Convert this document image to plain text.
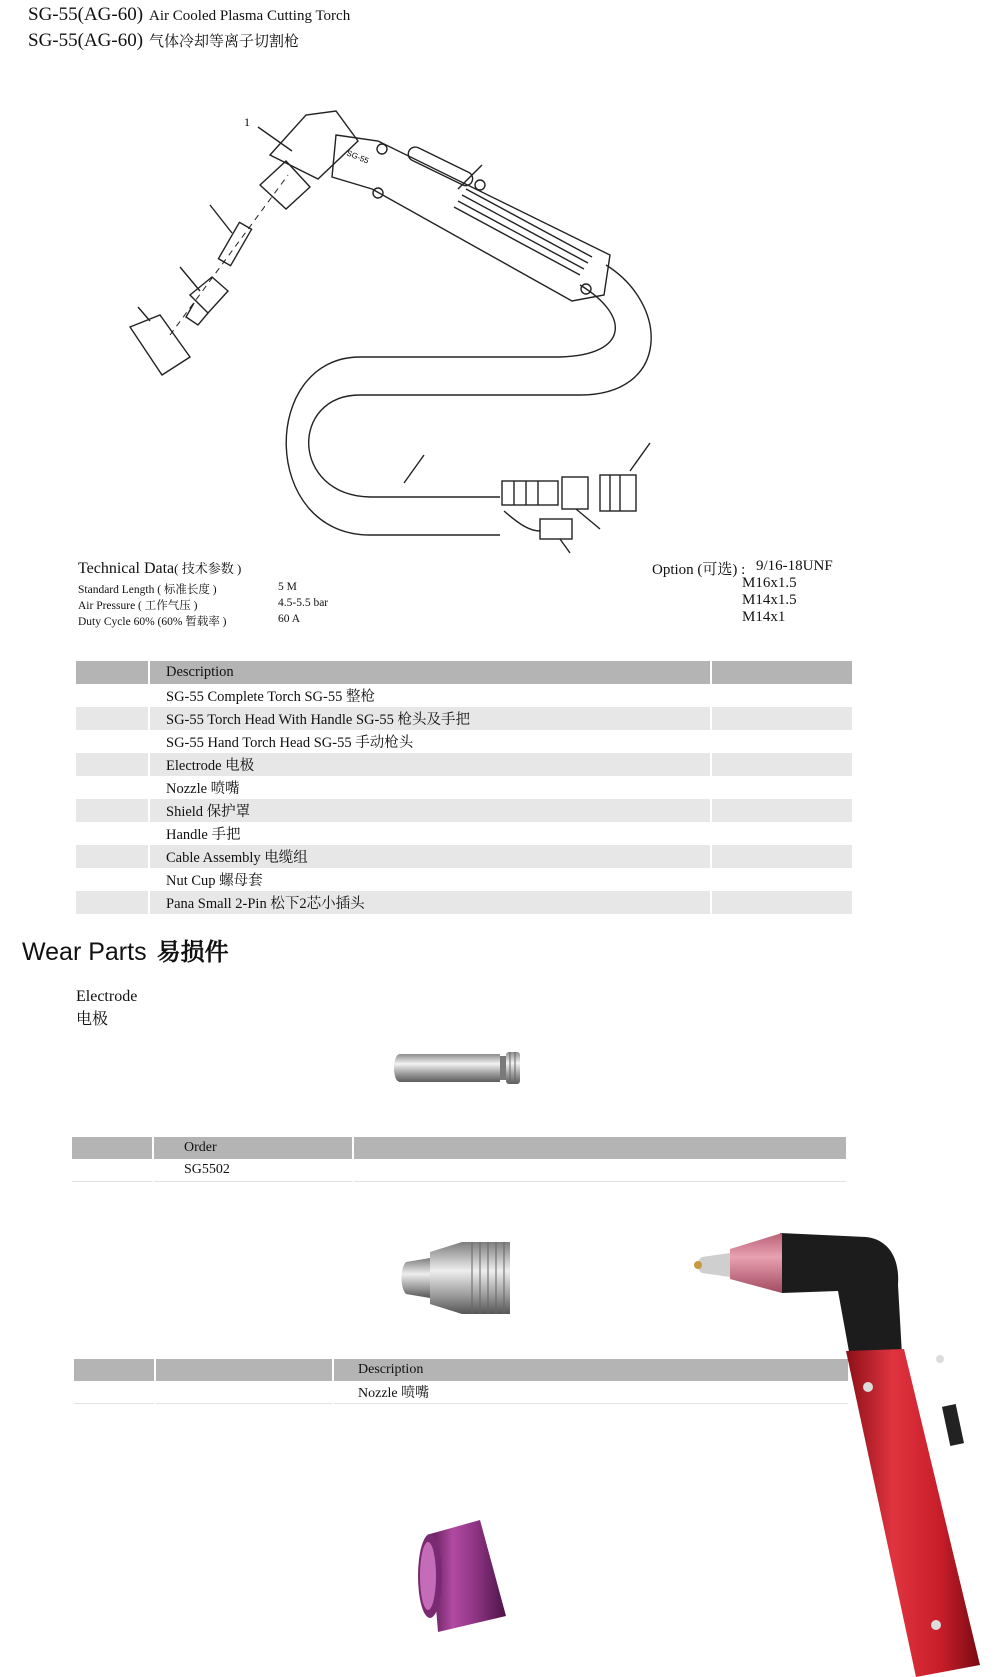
SG-55(AG-60) Air Cooled Plasma Cutting Torch
SG-55(AG-60) 气体冷却等离子切割枪
1
SG-55
Technical Data( 技术参数 )
Standard Length ( 标准长度 )	5 M
Air Pressure ( 工作气压 )	4.5-5.5 bar
Duty Cycle 60% (60% 暂载率 )	60 A
Option (可选) : 9/16-18UNF
M16x1.5
M14x1.5
M14x1
	Description	
	SG-55 Complete Torch SG-55 整枪	
	SG-55 Torch Head With Handle SG-55 枪头及手把	
	SG-55 Hand Torch Head SG-55 手动枪头	
	Electrode 电极	
	Nozzle 喷嘴	
	Shield 保护罩	
	Handle 手把	
	Cable Assembly 电缆组	
	Nut Cup 螺母套	
	Pana Small 2-Pin 松下2芯小插头	
Wear Parts 易损件
Electrode
电极
	Order	
	SG5502	
		Description
		Nozzle 喷嘴
